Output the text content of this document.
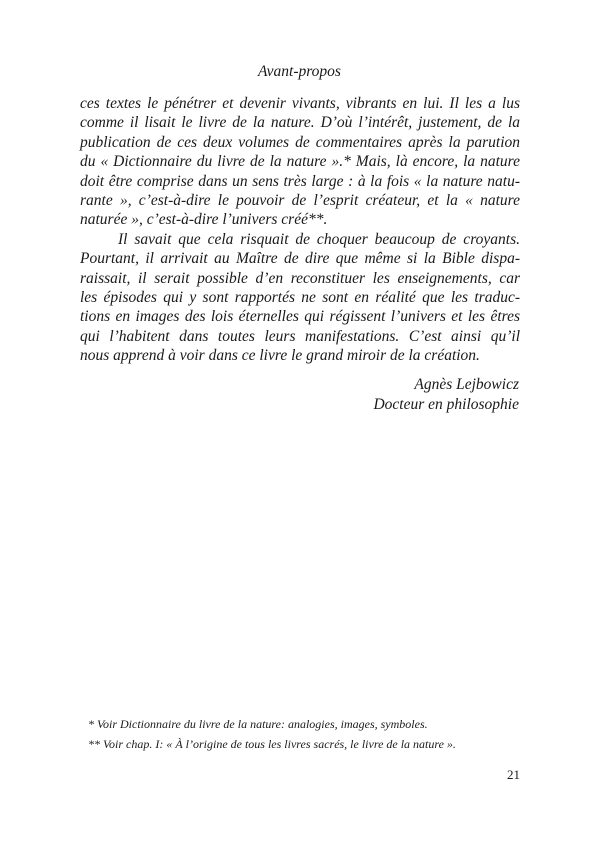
Avant-propos
ces textes le pénétrer et devenir vivants, vibrants en lui. Il les a lus
comme il lisait le livre de la nature. D’où l’intérêt, justement, de la
publication de ces deux volumes de commentaires après la parution
du « Dictionnaire du livre de la nature ».* Mais, là encore, la nature
doit être comprise dans un sens très large : à la fois « la nature natu-
rante », c’est-à-dire le pouvoir de l’esprit créateur, et la « nature
naturée », c’est-à-dire l’univers créé**.
Il savait que cela risquait de choquer beaucoup de croyants.
Pourtant, il arrivait au Maître de dire que même si la Bible dispa-
raissait, il serait possible d’en reconstituer les enseignements, car
les épisodes qui y sont rapportés ne sont en réalité que les traduc-
tions en images des lois éternelles qui régissent l’univers et les êtres
qui l’habitent dans toutes leurs manifestations. C’est ainsi qu’il
nous apprend à voir dans ce livre le grand miroir de la création.
Agnès Lejbowicz
Docteur en philosophie
* Voir Dictionnaire du livre de la nature: analogies, images, symboles.
** Voir chap. I: « À l’origine de tous les livres sacrés, le livre de la nature ».
21
